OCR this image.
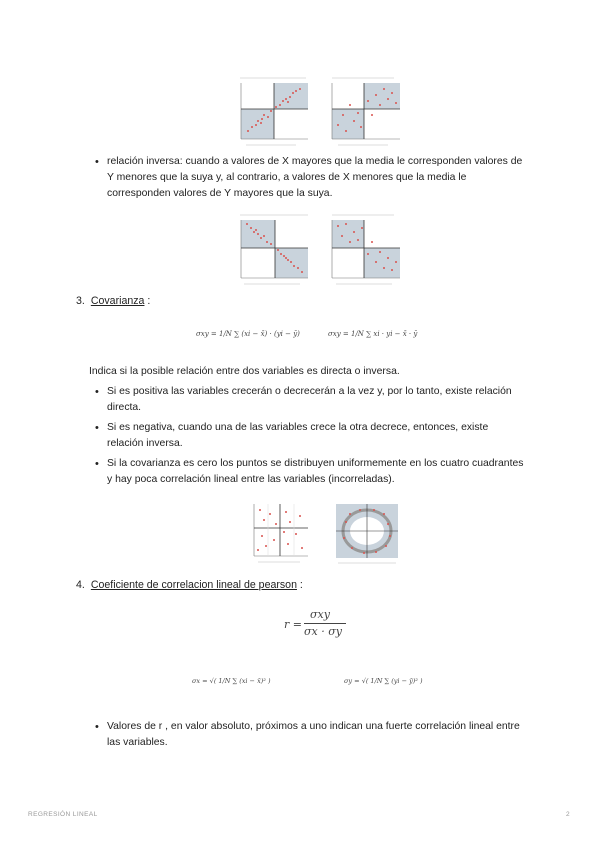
• relación inversa: cuando a valores de X mayores que la media le corresponden valores de Y menores que la suya y, al contrario, a valores de X menores que la media le corresponden valores de Y mayores que la suya.
3. Covarianza :
σxy = 1/N ∑ (xi − x̄) · (yi − ȳ)	σxy = 1/N ∑ xi · yi − x̄ · ȳ
Indica si la posible relación entre dos variables es directa o inversa.
• Si es positiva las variables crecerán o decrecerán a la vez y, por lo tanto, existe relación directa.
• Si es negativa, cuando una de las variables crece la otra decrece, entonces, existe relación inversa.
• Si la covarianza es cero los puntos se distribuyen uniformemente en los cuatro cuadrantes y hay poca correlación lineal entre las variables (incorreladas).
4. Coeficiente de correlacion lineal de pearson :
r =
σxy
σx · σy
σx = √( 1/N ∑ (xi − x̄)² )	σy = √( 1/N ∑ (yi − ȳ)² )
• Valores de r , en valor absoluto, próximos a uno indican una fuerte correlación lineal entre las variables.
REGRESIÓN LINEAL	2
